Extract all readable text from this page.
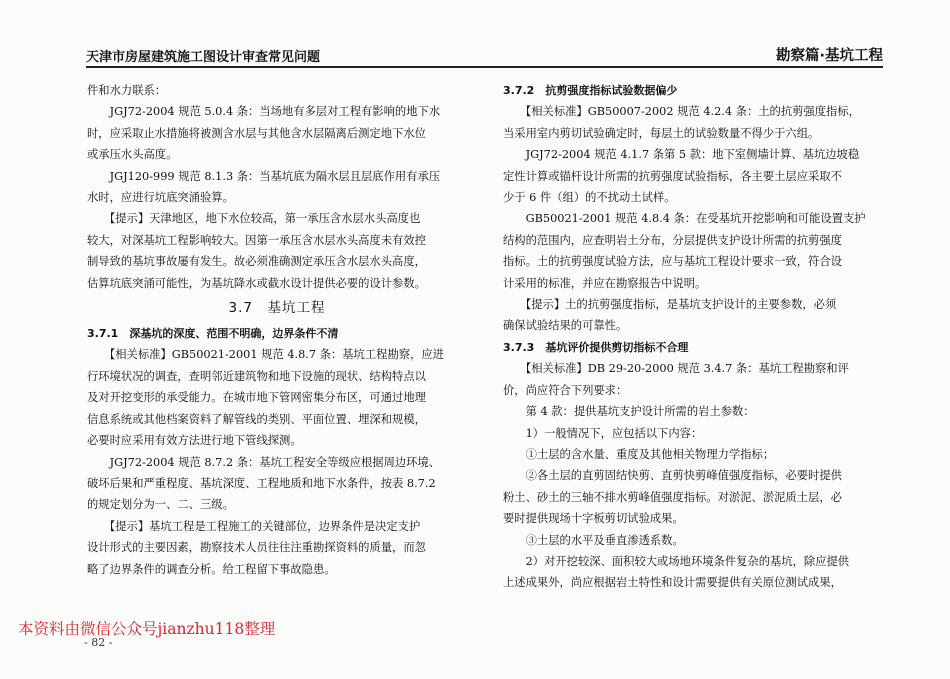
天津市房屋建筑施工图设计审查常见问题	勘察篇·基坑工程

件和水力联系：

　　JGJ72-2004 规范 5.0.4 条：当场地有多层对工程有影响的地下水

时，应采取止水措施将被测含水层与其他含水层隔离后测定地下水位

或承压水头高度。

　　JGJ120-999 规范 8.1.3 条：当基坑底为隔水层且层底作用有承压

水时，应进行坑底突涌验算。

　　【提示】天津地区，地下水位较高，第一承压含水层水头高度也

较大，对深基坑工程影响较大。因第一承压含水层水头高度未有效控

制导致的基坑事故屡有发生。故必须准确测定承压含水层水头高度，

估算坑底突涌可能性，为基坑降水或截水设计提供必要的设计参数。

3.7　基坑工程

3.7.1　深基坑的深度、范围不明确，边界条件不清

　　【相关标准】GB50021-2001 规范 4.8.7 条：基坑工程勘察，应进

行环境状况的调查，查明邻近建筑物和地下设施的现状、结构特点以

及对开挖变形的承受能力。在城市地下管网密集分布区，可通过地理

信息系统或其他档案资料了解管线的类别、平面位置、埋深和规模，

必要时应采用有效方法进行地下管线探测。

　　JGJ72-2004 规范 8.7.2 条：基坑工程安全等级应根据周边环境、

破坏后果和严重程度、基坑深度、工程地质和地下水条件，按表 8.7.2

的规定划分为一、二、三级。

　　【提示】基坑工程是工程施工的关键部位，边界条件是决定支护

设计形式的主要因素，勘察技术人员往往注重勘探资料的质量，而忽

略了边界条件的调查分析。给工程留下事故隐患。

3.7.2　抗剪强度指标试验数据偏少

　　【相关标准】GB50007-2002 规范 4.2.4 条：土的抗剪强度指标，

当采用室内剪切试验确定时，每层土的试验数量不得少于六组。

　　JGJ72-2004 规范 4.1.7 条第 5 款：地下室侧墙计算、基坑边坡稳

定性计算或锚杆设计所需的抗剪强度试验指标，各主要土层应采取不

少于 6 件（组）的不扰动土试样。

　　GB50021-2001 规范 4.8.4 条：在受基坑开挖影响和可能设置支护

结构的范围内，应查明岩土分布，分层提供支护设计所需的抗剪强度

指标。土的抗剪强度试验方法，应与基坑工程设计要求一致，符合设

计采用的标准，并应在勘察报告中说明。

　　【提示】土的抗剪强度指标，是基坑支护设计的主要参数，必须

确保试验结果的可靠性。

3.7.3　基坑评价提供剪切指标不合理

　　【相关标准】DB 29-20-2000 规范 3.4.7 条：基坑工程勘察和评

价，尚应符合下列要求：

　　第 4 款：提供基坑支护设计所需的岩土参数：

　　1）一般情况下，应包括以下内容：

　　①土层的含水量、重度及其他相关物理力学指标；

　　②各土层的直剪固结快剪、直剪快剪峰值强度指标，必要时提供

粉土、砂土的三轴不排水剪峰值强度指标。对淤泥、淤泥质土层，必

要时提供现场十字板剪切试验成果。

　　③土层的水平及垂直渗透系数。

　　2）对开挖较深、面积较大或场地环境条件复杂的基坑，除应提供

上述成果外，尚应根据岩土特性和设计需要提供有关原位测试成果，

本资料由微信公众号jianzhu118整理
- 82 -
